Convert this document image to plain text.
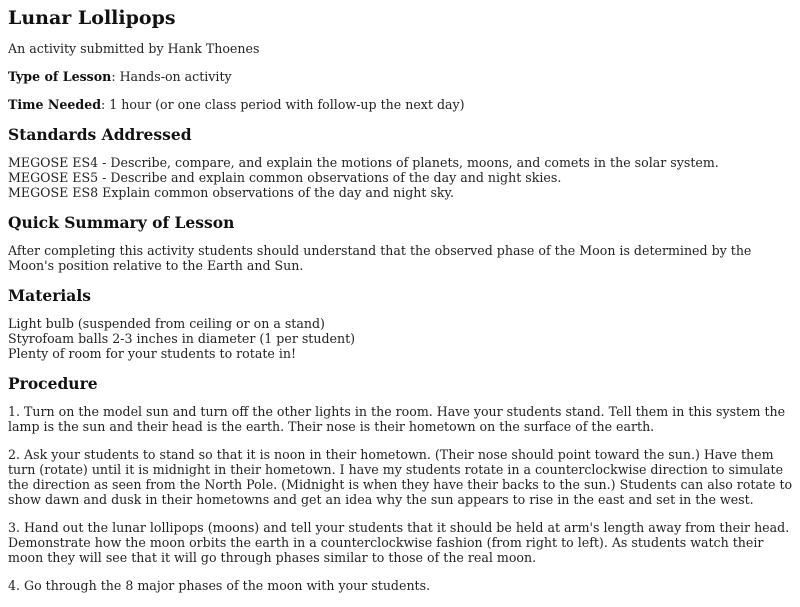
Lunar Lollipops

An activity submitted by Hank Thoenes

Type of Lesson: Hands-on activity

Time Needed: 1 hour (or one class period with follow-up the next day)

Standards Addressed
MEGOSE ES4 - Describe, compare, and explain the motions of planets, moons, and comets in the solar system.
MEGOSE ES5 - Describe and explain common observations of the day and night skies.
MEGOSE ES8 Explain common observations of the day and night sky.
Quick Summary of Lesson

After completing this activity students should understand that the observed phase of the Moon is determined by the Moon's position relative to the Earth and Sun.

Materials
Light bulb (suspended from ceiling or on a stand)
Styrofoam balls 2-3 inches in diameter (1 per student)
Plenty of room for your students to rotate in!
Procedure

1. Turn on the model sun and turn off the other lights in the room. Have your students stand. Tell them in this system the lamp is the sun and their head is the earth. Their nose is their hometown on the surface of the earth.

2. Ask your students to stand so that it is noon in their hometown. (Their nose should point toward the sun.) Have them turn (rotate) until it is midnight in their hometown. I have my students rotate in a counterclockwise direction to simulate the direction as seen from the North Pole. (Midnight is when they have their backs to the sun.) Students can also rotate to show dawn and dusk in their hometowns and get an idea why the sun appears to rise in the east and set in the west.

3. Hand out the lunar lollipops (moons) and tell your students that it should be held at arm's length away from their head. Demonstrate how the moon orbits the earth in a counterclockwise fashion (from right to left). As students watch their moon they will see that it will go through phases similar to those of the real moon.

4. Go through the 8 major phases of the moon with your students.
